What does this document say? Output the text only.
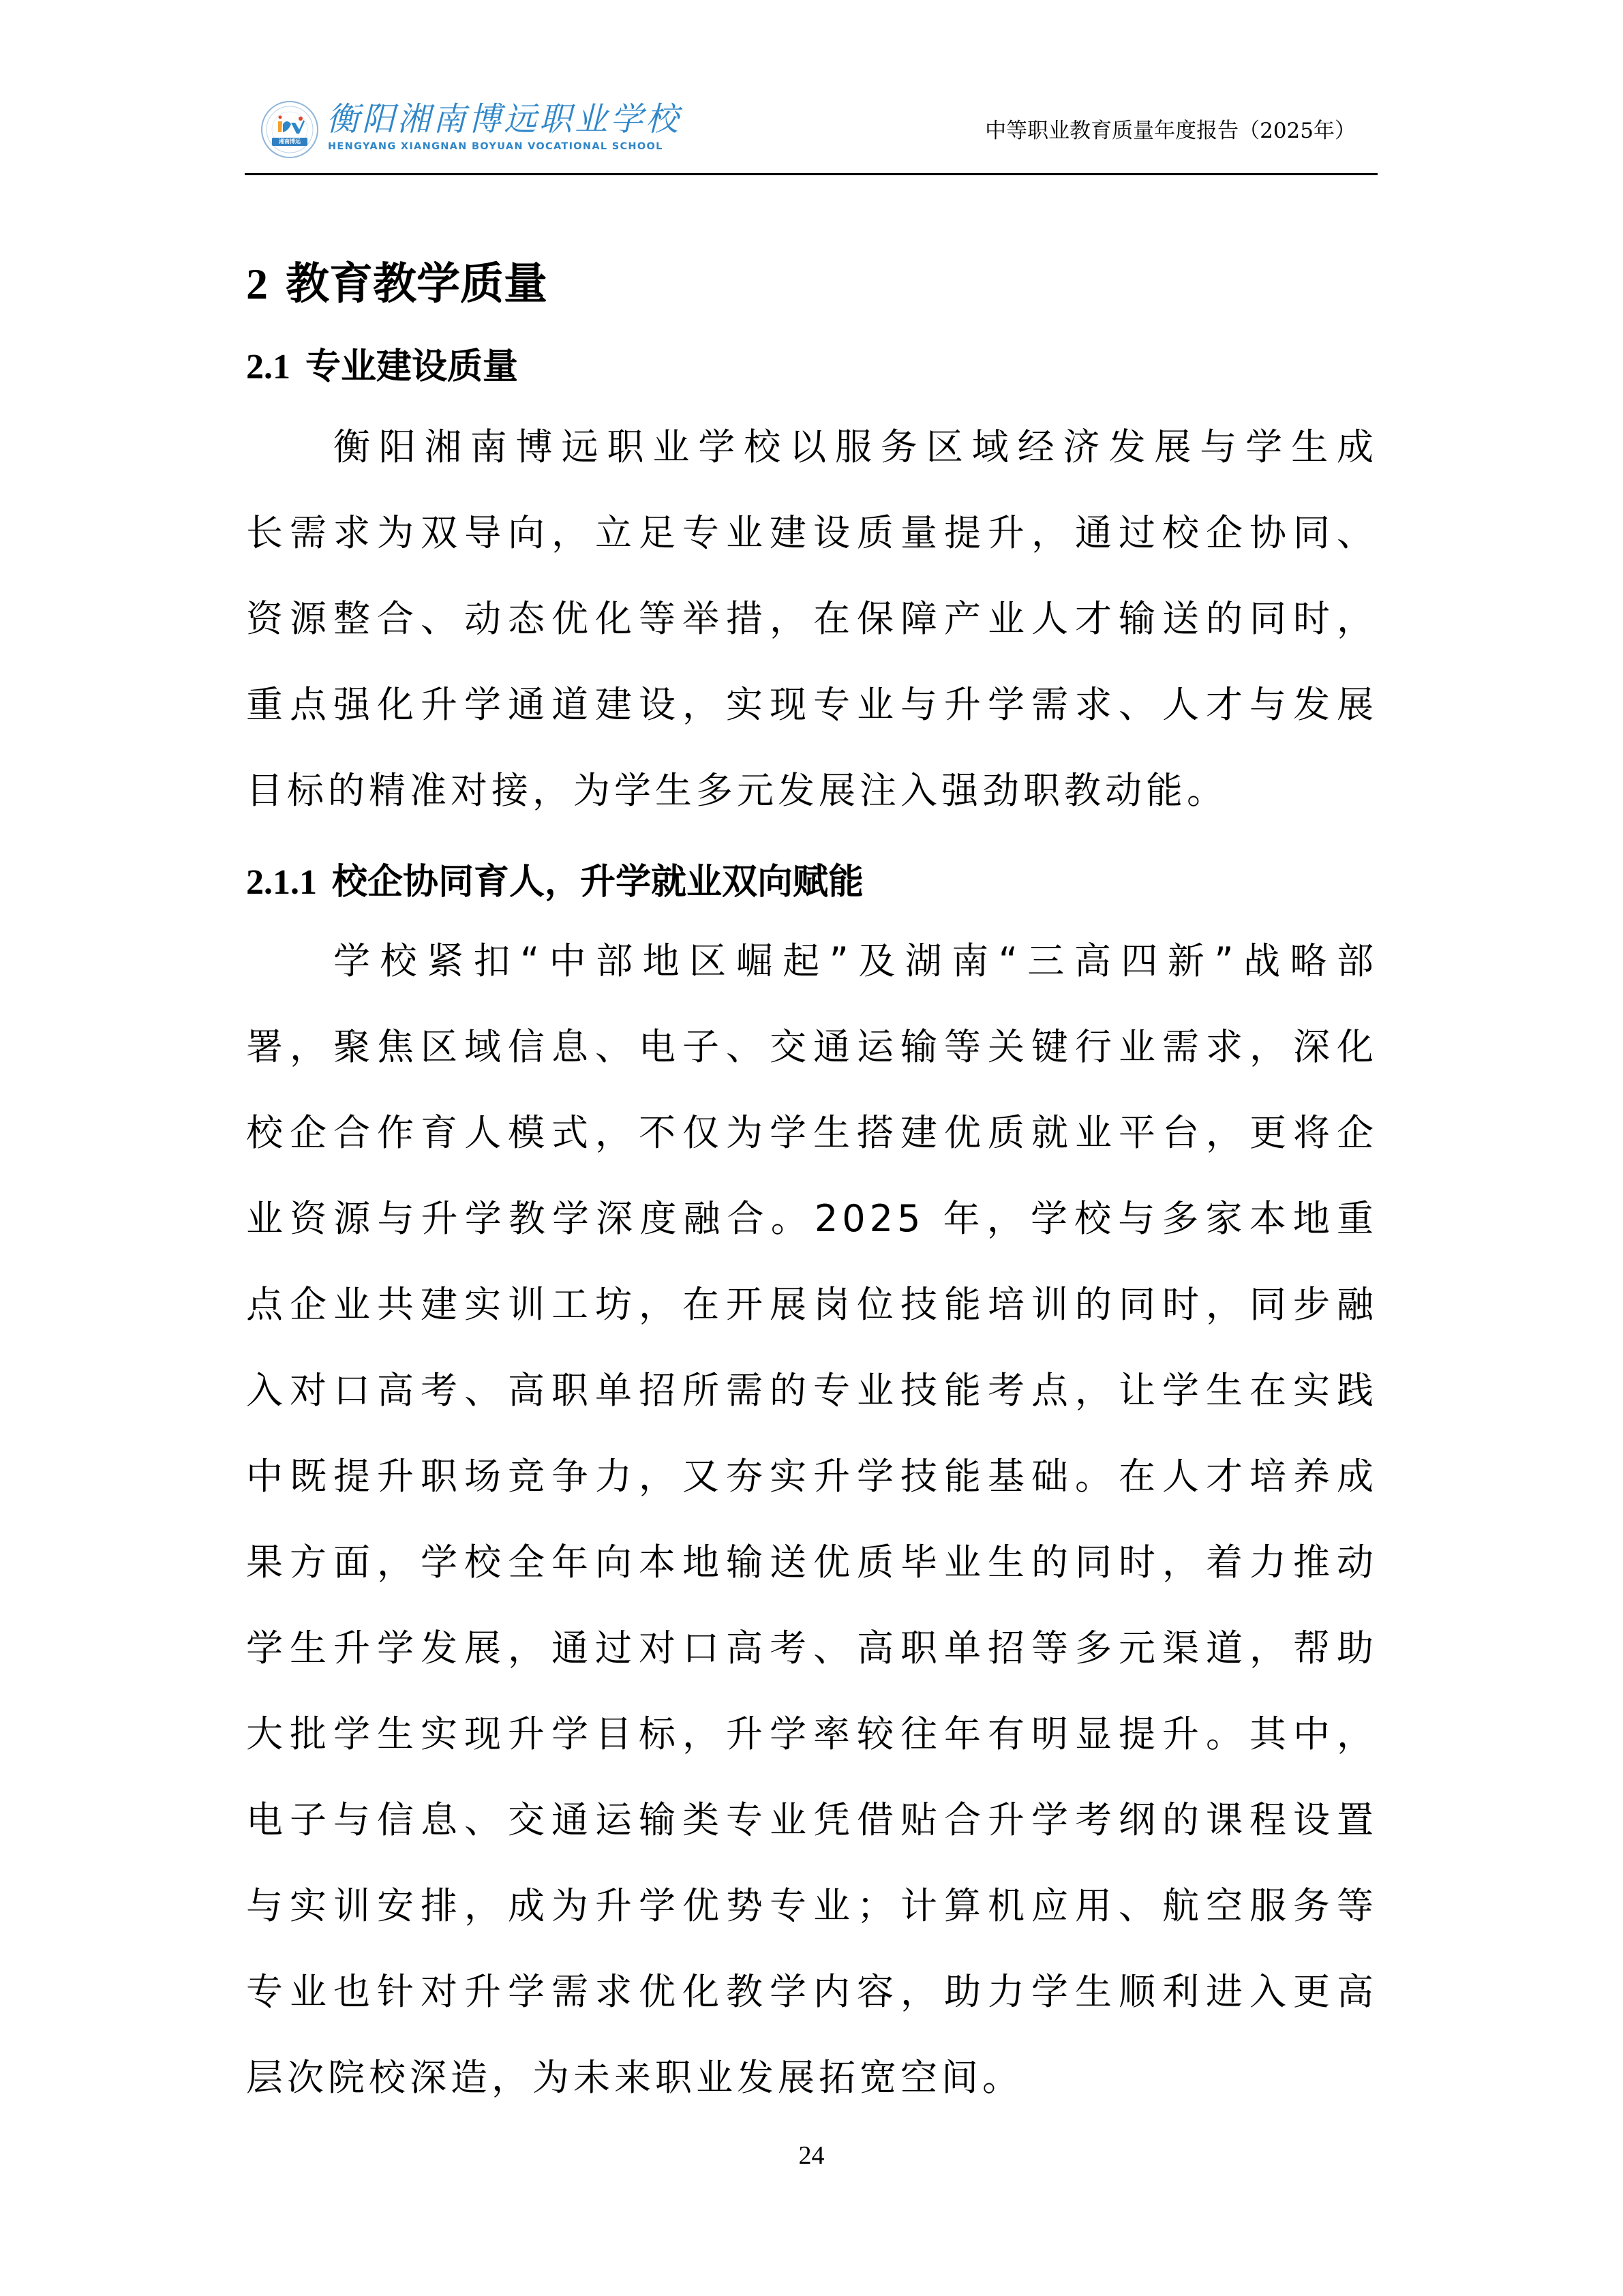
湘南博远
衡阳湘南博远职业学校
HENGYANG XIANGNAN BOYUAN VOCATIONAL SCHOOL
中等职业教育质量年度报告（2025年）
2 教育教学质量
2.1 专业建设质量
衡阳湘南博远职业学校以服务区域经济发展与学生成
长需求为双导向，立足专业建设质量提升，通过校企协同、
资源整合、动态优化等举措，在保障产业人才输送的同时，
重点强化升学通道建设，实现专业与升学需求、人才与发展
目标的精准对接，为学生多元发展注入强劲职教动能。
2.1.1 校企协同育人，升学就业双向赋能
学校紧扣“中部地区崛起”及湖南“三高四新”战略部
署，聚焦区域信息、电子、交通运输等关键行业需求，深化
校企合作育人模式，不仅为学生搭建优质就业平台，更将企
业资源与升学教学深度融合。2025 年，学校与多家本地重
点企业共建实训工坊，在开展岗位技能培训的同时，同步融
入对口高考、高职单招所需的专业技能考点，让学生在实践
中既提升职场竞争力，又夯实升学技能基础。在人才培养成
果方面，学校全年向本地输送优质毕业生的同时，着力推动
学生升学发展，通过对口高考、高职单招等多元渠道，帮助
大批学生实现升学目标，升学率较往年有明显提升。其中，
电子与信息、交通运输类专业凭借贴合升学考纲的课程设置
与实训安排，成为升学优势专业；计算机应用、航空服务等
专业也针对升学需求优化教学内容，助力学生顺利进入更高
层次院校深造，为未来职业发展拓宽空间。
24
